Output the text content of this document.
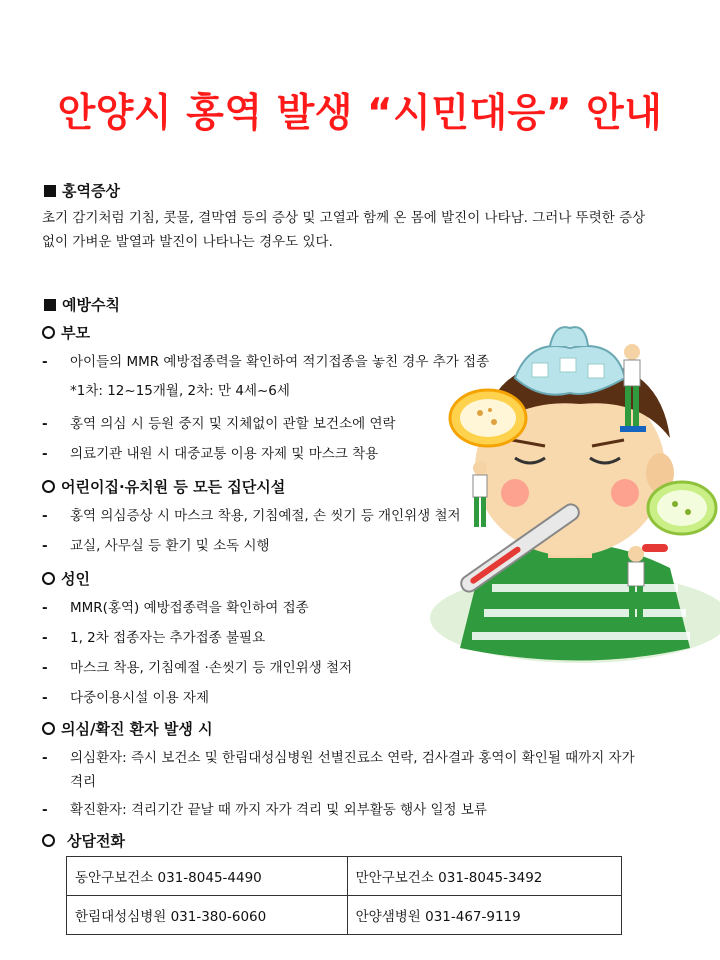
안양시 홍역 발생 “시민대응” 안내
홍역증상
초기 감기처럼 기침, 콧물, 결막염 등의 증상 및 고열과 함께 온 몸에 발진이 나타남. 그러나 뚜렷한 증상
없이 가벼운 발열과 발진이 나타나는 경우도 있다.
예방수칙
부모
-	아이들의 MMR 예방접종력을 확인하여 적기접종을 놓친 경우 추가 접종
*1차: 12~15개월, 2차: 만 4세~6세
-	홍역 의심 시 등원 중지 및 지체없이 관할 보건소에 연락
-	의료기관 내원 시 대중교통 이용 자제 및 마스크 착용
어린이집·유치원 등 모든 집단시설
-	홍역 의심증상 시 마스크 착용, 기침예절, 손 씻기 등 개인위생 철저
-	교실, 사무실 등 환기 및 소독 시행
성인
-	MMR(홍역) 예방접종력을 확인하여 접종
-	1, 2차 접종자는 추가접종 불필요
-	마스크 착용, 기침예절 ·손씻기 등 개인위생 철저
-	다중이용시설 이용 자제
의심/확진 환자 발생 시
-	의심환자: 즉시 보건소 및 한림대성심병원 선별진료소 연락, 검사결과 홍역이 확인될 때까지 자가
격리
-	확진환자: 격리기간 끝날 때 까지 자가 격리 및 외부활동 행사 일정 보류
상담전화
동안구보건소 031-8045-4490	만안구보건소 031-8045-3492
한림대성심병원 031-380-6060	안양샘병원 031-467-9119
